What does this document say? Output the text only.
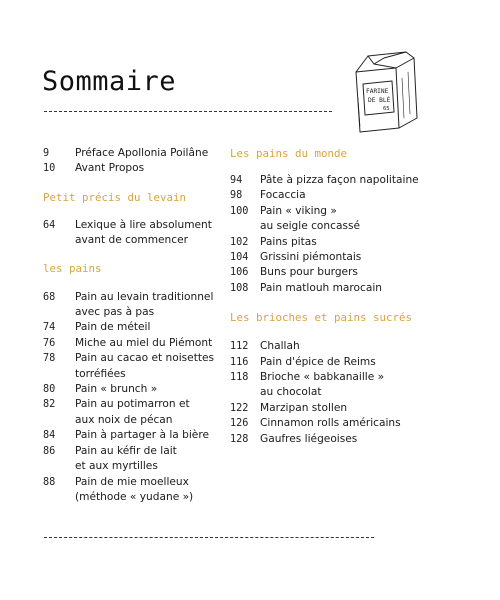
Sommaire	FARINE
DE BLÉ
65
9	Préface Apollonia Poilâne
10	Avant Propos
Petit précis du levain
64	Lexique à lire absolument
avant de commencer
les pains
68	Pain au levain traditionnel
avec pas à pas
74	Pain de méteil
76	Miche au miel du Piémont
78	Pain au cacao et noisettes
torréfiées
80	Pain « brunch »
82	Pain au potimarron et
aux noix de pécan
84	Pain à partager à la bière
86	Pain au kéfir de lait
et aux myrtilles
88	Pain de mie moelleux
(méthode « yudane »)
Les pains du monde
94	Pâte à pizza façon napolitaine
98	Focaccia
100	Pain « viking »
au seigle concassé
102	Pains pitas
104	Grissini piémontais
106	Buns pour burgers
108	Pain matlouh marocain
Les brioches et pains sucrés
112	Challah
116	Pain d'épice de Reims
118	Brioche « babkanaille »
au chocolat
122	Marzipan stollen
126	Cinnamon rolls américains
128	Gaufres liégeoises
